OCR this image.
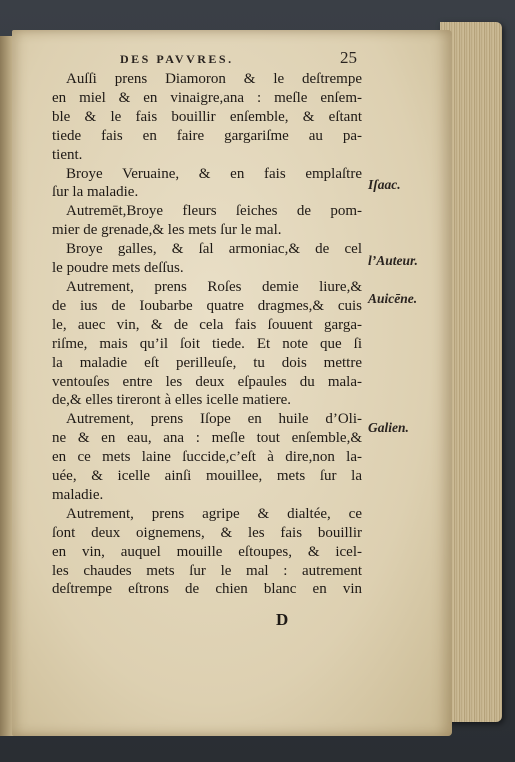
DES PAVVRES.	25
Auſſi prens Diamoron & le deſtrempe
en miel & en vinaigre,ana : meſle enſem-
ble & le fais bouillir enſemble, & eſtant
tiede fais en faire gargariſme au pa-
tient.
Broye Veruaine, & en fais emplaſtre
ſur la maladie.
Autremēt,Broye fleurs ſeiches de pom-
mier de grenade,& les mets ſur le mal.
Broye galles, & ſal armoniac,& de cel
le poudre mets deſſus.
Autrement, prens Roſes demie liure,&
de ius de Ioubarbe quatre dragmes,& cuis
le, auec vin, & de cela fais ſouuent garga-
riſme, mais qu’il ſoit tiede. Et note que ſi
la maladie eſt perilleuſe, tu dois mettre
ventouſes entre les deux eſpaules du mala-
de,& elles tireront à elles icelle matiere.
Autrement, prens Iſope en huile d’Oli-
ne & en eau, ana : meſle tout enſemble,&
en ce mets laine ſuccide,c’eſt à dire,non la-
uée, & icelle ainſi mouillee, mets ſur la
maladie.
Autrement, prens agripe & dialtée, ce
ſont deux oignemens, & les fais bouillir
en vin, auquel mouille eſtoupes, & icel-
les chaudes mets ſur le mal : autrement
deſtrempe eſtrons de chien blanc en vin
Iſaac.
l’Auteur.
Auicēne.
Galien.
D
